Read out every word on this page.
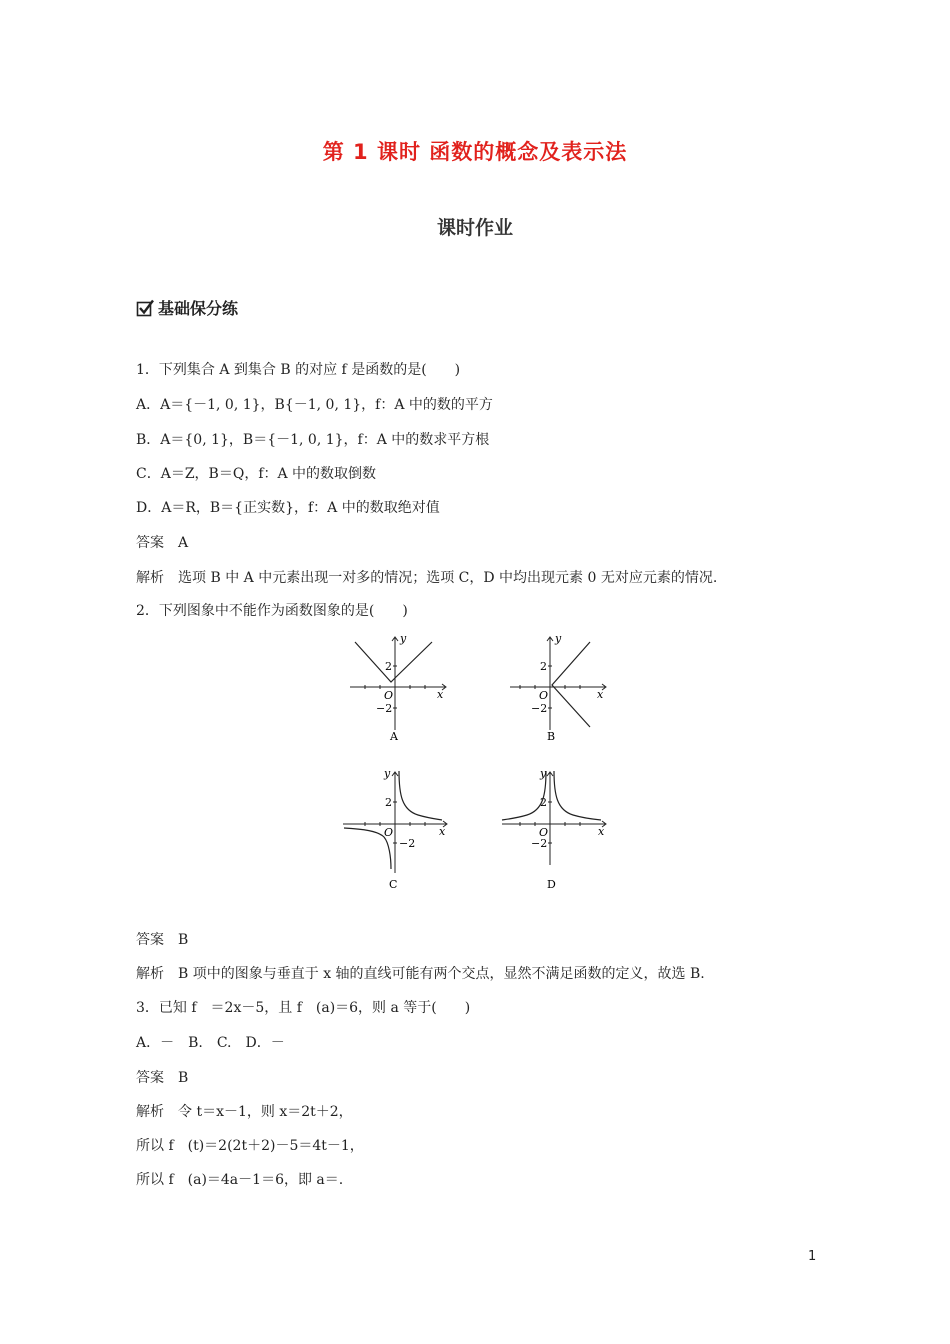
第 1 课时 函数的概念及表示法
课时作业
基础保分练
1．下列集合 A 到集合 B 的对应 f 是函数的是(　　)
A．A＝{－1, 0, 1}，B{－1, 0, 1}，f：A 中的数的平方
B．A＝{0, 1}，B＝{－1, 0, 1}，f：A 中的数求平方根
C．A＝Z，B＝Q，f：A 中的数取倒数
D．A＝R，B＝{正实数}，f：A 中的数取绝对值
答案　A
解析　选项 B 中 A 中元素出现一对多的情况；选项 C，D 中均出现元素 0 无对应元素的情况.
2．下列图象中不能作为函数图象的是(　　)
y
x
O
2
−2
A
y
x
O
2
−2
B
y
x
O
2
−2
C
y
x
O
2
−2
D
答案　B
解析　B 项中的图象与垂直于 x 轴的直线可能有两个交点，显然不满足函数的定义，故选 B.
3．已知 f　＝2x－5，且 f　(a)＝6，则 a 等于(　　)
A．－　B.　C.　D．－
答案　B
解析　令 t＝x－1，则 x＝2t＋2，
所以 f　(t)＝2(2t＋2)－5＝4t－1，
所以 f　(a)＝4a－1＝6，即 a＝.
1
